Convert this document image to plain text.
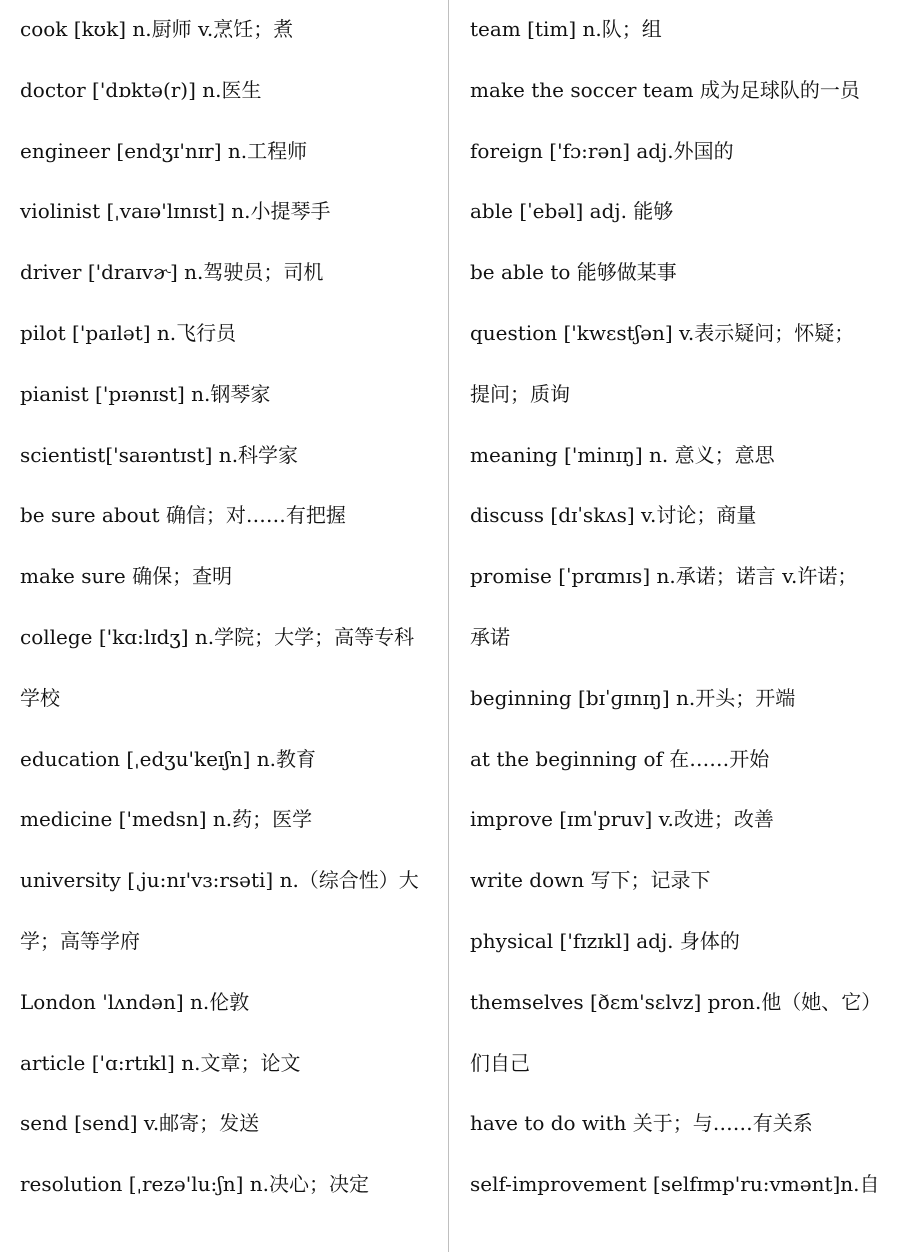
cook [kʊk] n.厨师 v.烹饪；煮
doctor ['dɒktə(r)] n.医生
engineer [endʒɪ'nɪr] n.工程师
violinist [ˌvaɪə'lɪnɪst] n.小提琴手
driver ['draɪvɚ] n.驾驶员；司机
pilot ['paɪlət] n.飞行员
pianist ['pɪənɪst] n.钢琴家
scientist['saɪəntɪst] n.科学家
be sure about 确信；对……有把握
make sure 确保；查明
college ['kɑ:lɪdʒ] n.学院；大学；高等专科
学校
education [ˌedʒu'keɪʃn] n.教育
medicine ['medsn] n.药；医学
university [ˌju:nɪ'vɜ:rsəti] n.（综合性）大
学；高等学府
London 'lʌndən] n.伦敦
article ['ɑ:rtɪkl] n.文章；论文
send [send] v.邮寄；发送
resolution [ˌrezə'lu:ʃn] n.决心；决定
team [tim] n.队；组
make the soccer team 成为足球队的一员
foreign ['fɔ:rən] adj.外国的
able [ˈebəl] adj. 能够
be able to 能够做某事
question ['kwɛstʃən] v.表示疑问；怀疑；
提问；质询
meaning ['minɪŋ] n. 意义；意思
discuss [dɪˈskʌs] v.讨论；商量
promise [ˈprɑmɪs] n.承诺；诺言 v.许诺；
承诺
beginning [bɪˈɡɪnɪŋ] n.开头；开端
at the beginning of 在……开始
improve [ɪmˈpruv] v.改进；改善
write down 写下；记录下
physical ['fɪzɪkl] adj. 身体的
themselves [ðɛm'sɛlvz] pron.他（她、它）
们自己
have to do with 关于；与……有关系
self-improvement [selfɪmp'ru:vmənt]n.自
